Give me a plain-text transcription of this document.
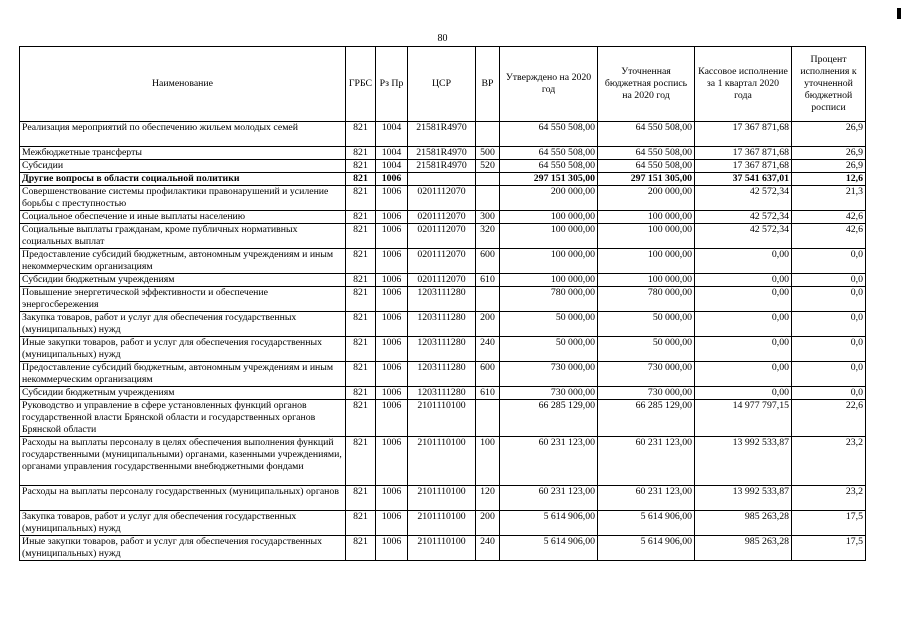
80
Наименование	ГРБС	Рз Пр	ЦСР	ВР	Утверждено на 2020 год	Уточненная бюджетная роспись на 2020 год	Кассовое исполнение за 1 квартал 2020 года	Процент исполнения к уточненной бюджетной росписи
Реализация мероприятий по обеспечению жильем молодых семей	821	1004	21581R4970		64 550 508,00	64 550 508,00	17 367 871,68	26,9
Межбюджетные трансферты	821	1004	21581R4970	500	64 550 508,00	64 550 508,00	17 367 871,68	26,9
Субсидии	821	1004	21581R4970	520	64 550 508,00	64 550 508,00	17 367 871,68	26,9
Другие вопросы в области социальной политики	821	1006			297 151 305,00	297 151 305,00	37 541 637,01	12,6
Совершенствование системы профилактики правонарушений и усиление борьбы с преступностью	821	1006	0201112070		200 000,00	200 000,00	42 572,34	21,3
Социальное обеспечение и иные выплаты населению	821	1006	0201112070	300	100 000,00	100 000,00	42 572,34	42,6
Социальные выплаты гражданам, кроме публичных нормативных социальных выплат	821	1006	0201112070	320	100 000,00	100 000,00	42 572,34	42,6
Предоставление субсидий бюджетным, автономным учреждениям и иным некоммерческим организациям	821	1006	0201112070	600	100 000,00	100 000,00	0,00	0,0
Субсидии бюджетным учреждениям	821	1006	0201112070	610	100 000,00	100 000,00	0,00	0,0
Повышение энергетической эффективности и обеспечение энергосбережения	821	1006	1203111280		780 000,00	780 000,00	0,00	0,0
Закупка товаров, работ и услуг для обеспечения государственных (муниципальных) нужд	821	1006	1203111280	200	50 000,00	50 000,00	0,00	0,0
Иные закупки товаров, работ и услуг для обеспечения государственных (муниципальных) нужд	821	1006	1203111280	240	50 000,00	50 000,00	0,00	0,0
Предоставление субсидий бюджетным, автономным учреждениям и иным некоммерческим организациям	821	1006	1203111280	600	730 000,00	730 000,00	0,00	0,0
Субсидии бюджетным учреждениям	821	1006	1203111280	610	730 000,00	730 000,00	0,00	0,0
Руководство и управление в сфере установленных функций органов государственной власти Брянской области и государственных органов Брянской области	821	1006	2101110100		66 285 129,00	66 285 129,00	14 977 797,15	22,6
Расходы на выплаты персоналу в целях обеспечения выполнения функций государственными (муниципальными) органами, казенными учреждениями, органами управления государственными внебюджетными фондами	821	1006	2101110100	100	60 231 123,00	60 231 123,00	13 992 533,87	23,2
Расходы на выплаты персоналу государственных (муниципальных) органов	821	1006	2101110100	120	60 231 123,00	60 231 123,00	13 992 533,87	23,2
Закупка товаров, работ и услуг для обеспечения государственных (муниципальных) нужд	821	1006	2101110100	200	5 614 906,00	5 614 906,00	985 263,28	17,5
Иные закупки товаров, работ и услуг для обеспечения государственных (муниципальных) нужд	821	1006	2101110100	240	5 614 906,00	5 614 906,00	985 263,28	17,5
